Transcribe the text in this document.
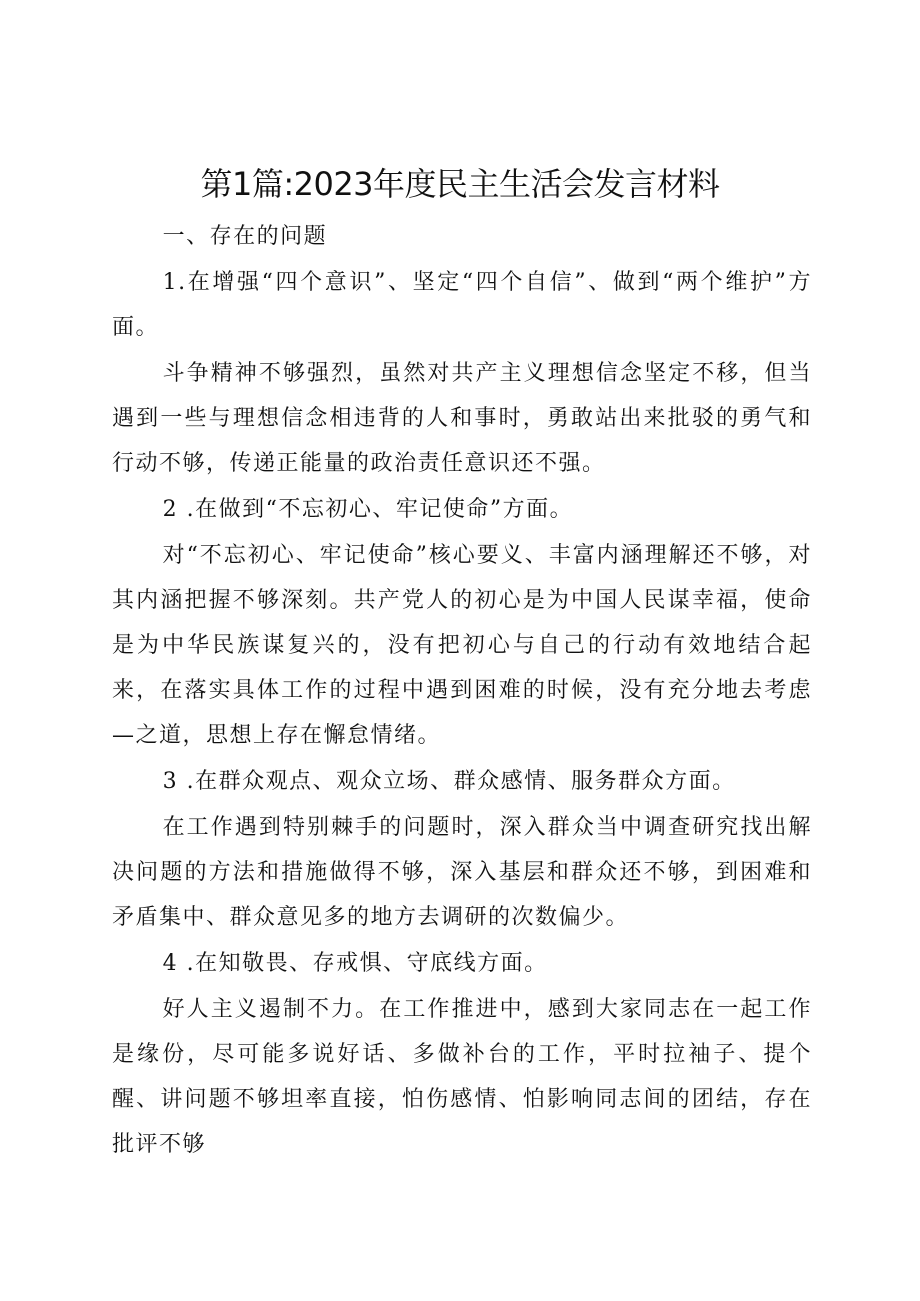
第1篇:2023年度民主生活会发言材料

一、存在的问题

1.在增强“四个意识”、坚定“四个自信”、做到“两个维护”方面。

斗争精神不够强烈，虽然对共产主义理想信念坚定不移，但当遇到一些与理想信念相违背的人和事时，勇敢站出来批驳的勇气和行动不够，传递正能量的政治责任意识还不强。

2 .在做到“不忘初心、牢记使命”方面。

对“不忘初心、牢记使命”核心要义、丰富内涵理解还不够，对其内涵把握不够深刻。共产党人的初心是为中国人民谋幸福，使命是为中华民族谋复兴的，没有把初心与自己的行动有效地结合起来，在落实具体工作的过程中遇到困难的时候，没有充分地去考虑—之道，思想上存在懈怠情绪。

3 .在群众观点、观众立场、群众感情、服务群众方面。

在工作遇到特别棘手的问题时，深入群众当中调查研究找出解决问题的方法和措施做得不够，深入基层和群众还不够，到困难和矛盾集中、群众意见多的地方去调研的次数偏少。

4 .在知敬畏、存戒惧、守底线方面。

好人主义遏制不力。在工作推进中，感到大家同志在一起工作是缘份，尽可能多说好话、多做补台的工作，平时拉袖子、提个醒、讲问题不够坦率直接，怕伤感情、怕影响同志间的团结，存在批评不够
